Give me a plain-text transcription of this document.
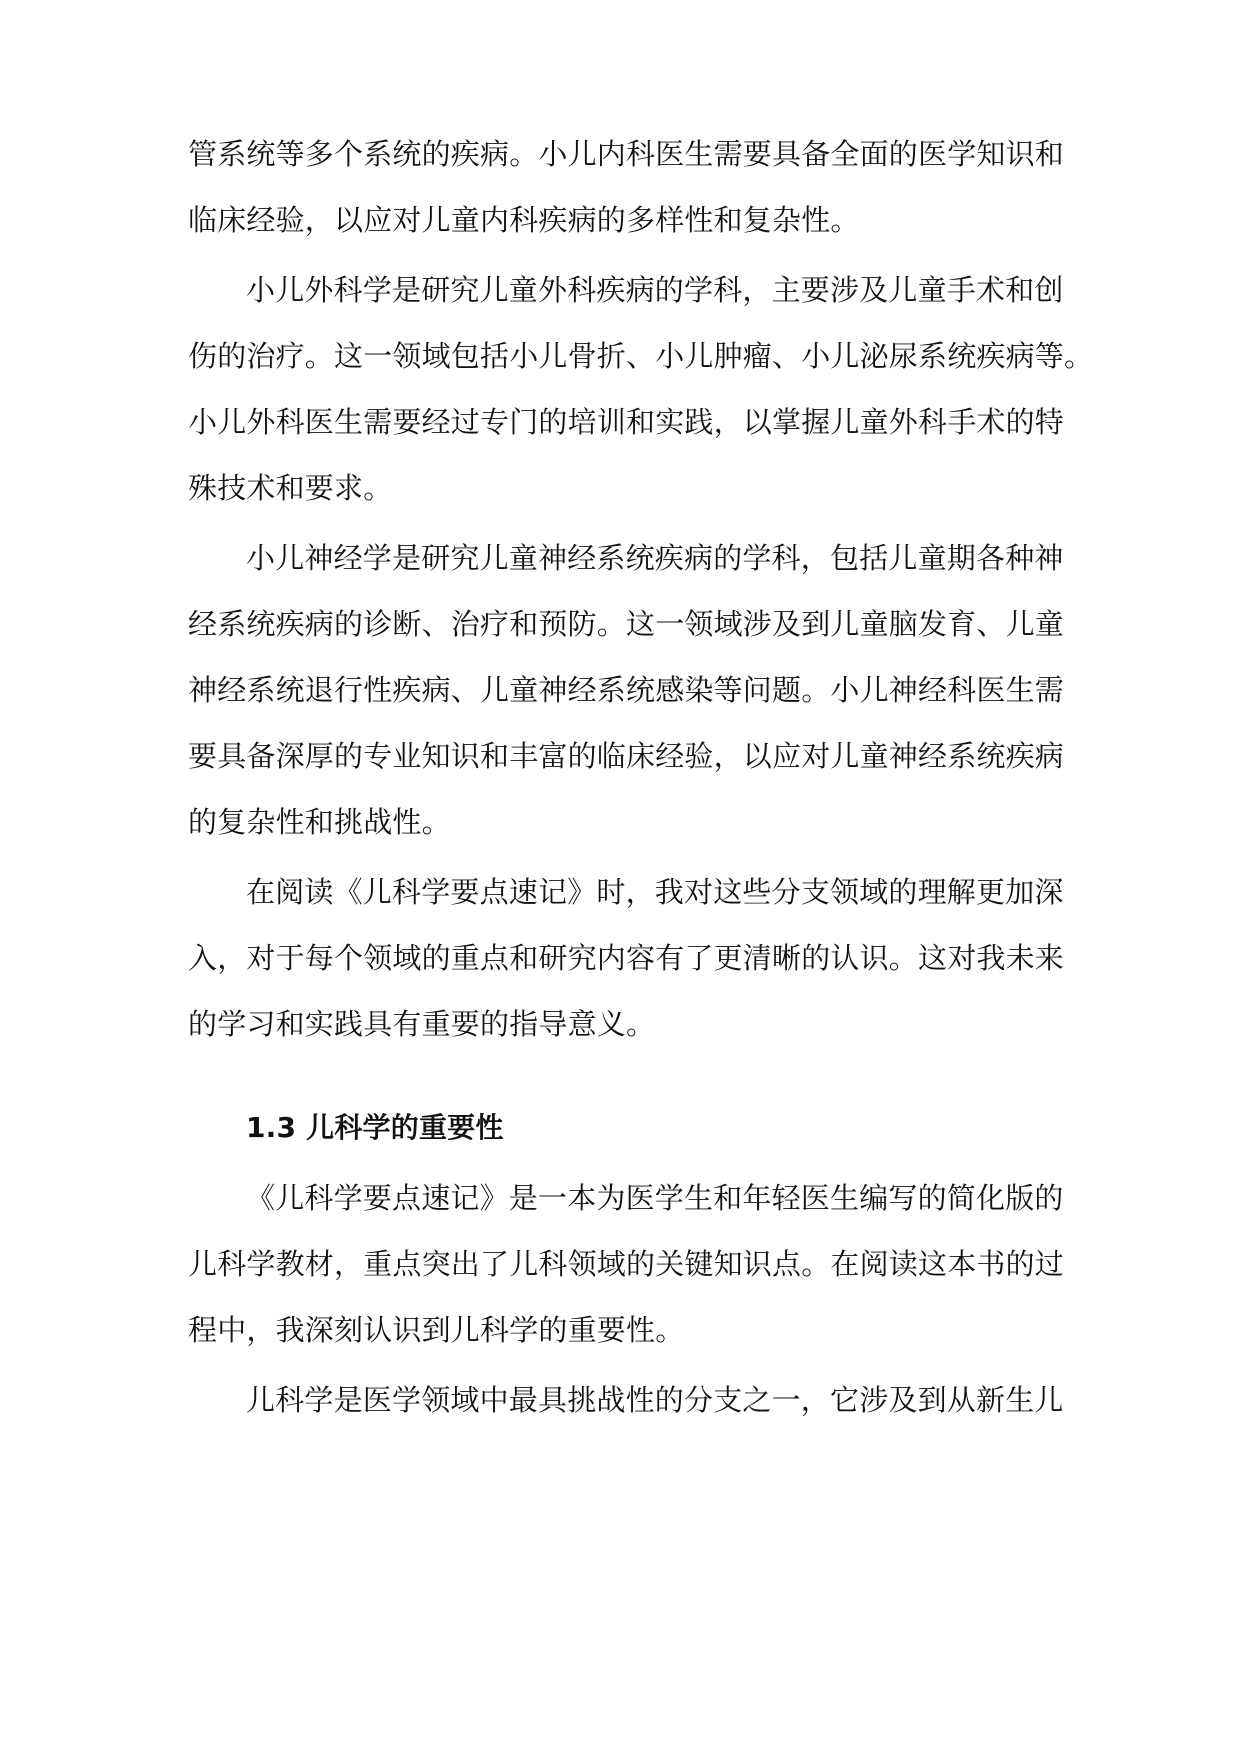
管系统等多个系统的疾病。小儿内科医生需要具备全面的医学知识和
临床经验，以应对儿童内科疾病的多样性和复杂性。
小儿外科学是研究儿童外科疾病的学科，主要涉及儿童手术和创
伤的治疗。这一领域包括小儿骨折、小儿肿瘤、小儿泌尿系统疾病等。
小儿外科医生需要经过专门的培训和实践，以掌握儿童外科手术的特
殊技术和要求。
小儿神经学是研究儿童神经系统疾病的学科，包括儿童期各种神
经系统疾病的诊断、治疗和预防。这一领域涉及到儿童脑发育、儿童
神经系统退行性疾病、儿童神经系统感染等问题。小儿神经科医生需
要具备深厚的专业知识和丰富的临床经验，以应对儿童神经系统疾病
的复杂性和挑战性。
在阅读《儿科学要点速记》时，我对这些分支领域的理解更加深
入，对于每个领域的重点和研究内容有了更清晰的认识。这对我未来
的学习和实践具有重要的指导意义。
1.3 儿科学的重要性
《儿科学要点速记》是一本为医学生和年轻医生编写的简化版的
儿科学教材，重点突出了儿科领域的关键知识点。在阅读这本书的过
程中，我深刻认识到儿科学的重要性。
儿科学是医学领域中最具挑战性的分支之一，它涉及到从新生儿
